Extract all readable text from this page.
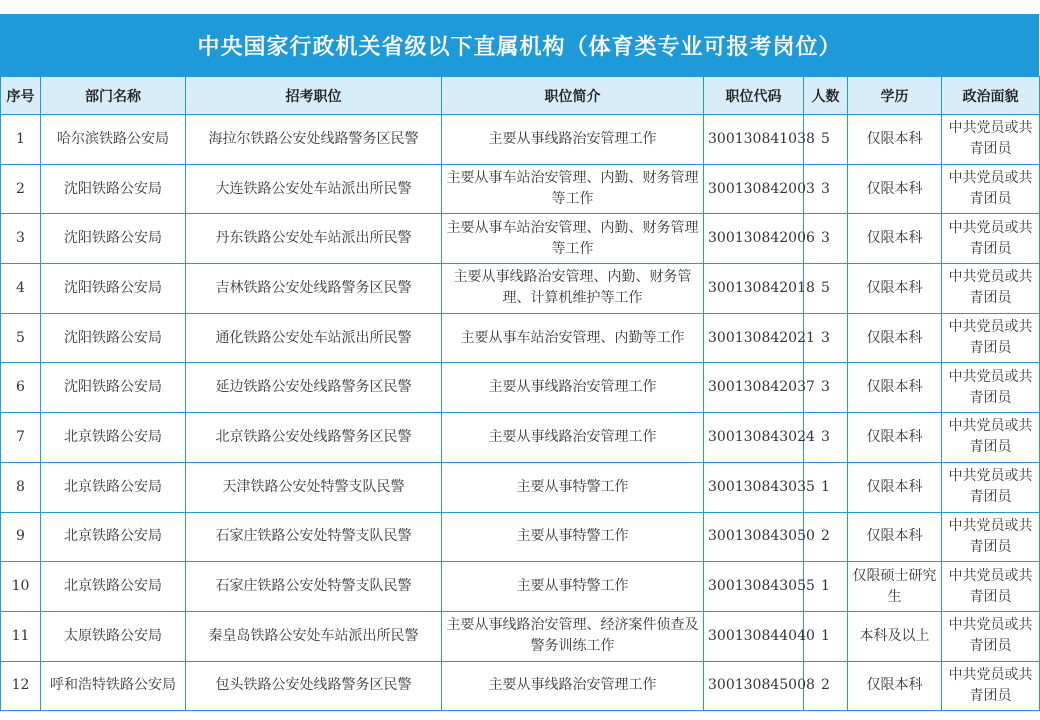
中央国家行政机关省级以下直属机构（体育类专业可报考岗位）
序号	部门名称	招考职位	职位简介	职位代码	人数	学历	政治面貌
1	哈尔滨铁路公安局	海拉尔铁路公安处线路警务区民警	主要从事线路治安管理工作	300130841038	5	仅限本科	中共党员或共青团员
2	沈阳铁路公安局	大连铁路公安处车站派出所民警	主要从事车站治安管理、内勤、财务管理等工作	300130842003	3	仅限本科	中共党员或共青团员
3	沈阳铁路公安局	丹东铁路公安处车站派出所民警	主要从事车站治安管理、内勤、财务管理等工作	300130842006	3	仅限本科	中共党员或共青团员
4	沈阳铁路公安局	吉林铁路公安处线路警务区民警	主要从事线路治安管理、内勤、财务管理、计算机维护等工作	300130842018	5	仅限本科	中共党员或共青团员
5	沈阳铁路公安局	通化铁路公安处车站派出所民警	主要从事车站治安管理、内勤等工作	300130842021	3	仅限本科	中共党员或共青团员
6	沈阳铁路公安局	延边铁路公安处线路警务区民警	主要从事线路治安管理工作	300130842037	3	仅限本科	中共党员或共青团员
7	北京铁路公安局	北京铁路公安处线路警务区民警	主要从事线路治安管理工作	300130843024	3	仅限本科	中共党员或共青团员
8	北京铁路公安局	天津铁路公安处特警支队民警	主要从事特警工作	300130843035	1	仅限本科	中共党员或共青团员
9	北京铁路公安局	石家庄铁路公安处特警支队民警	主要从事特警工作	300130843050	2	仅限本科	中共党员或共青团员
10	北京铁路公安局	石家庄铁路公安处特警支队民警	主要从事特警工作	300130843055	1	仅限硕士研究生	中共党员或共青团员
11	太原铁路公安局	秦皇岛铁路公安处车站派出所民警	主要从事线路治安管理、经济案件侦查及警务训练工作	300130844040	1	本科及以上	中共党员或共青团员
12	呼和浩特铁路公安局	包头铁路公安处线路警务区民警	主要从事线路治安管理工作	300130845008	2	仅限本科	中共党员或共青团员
